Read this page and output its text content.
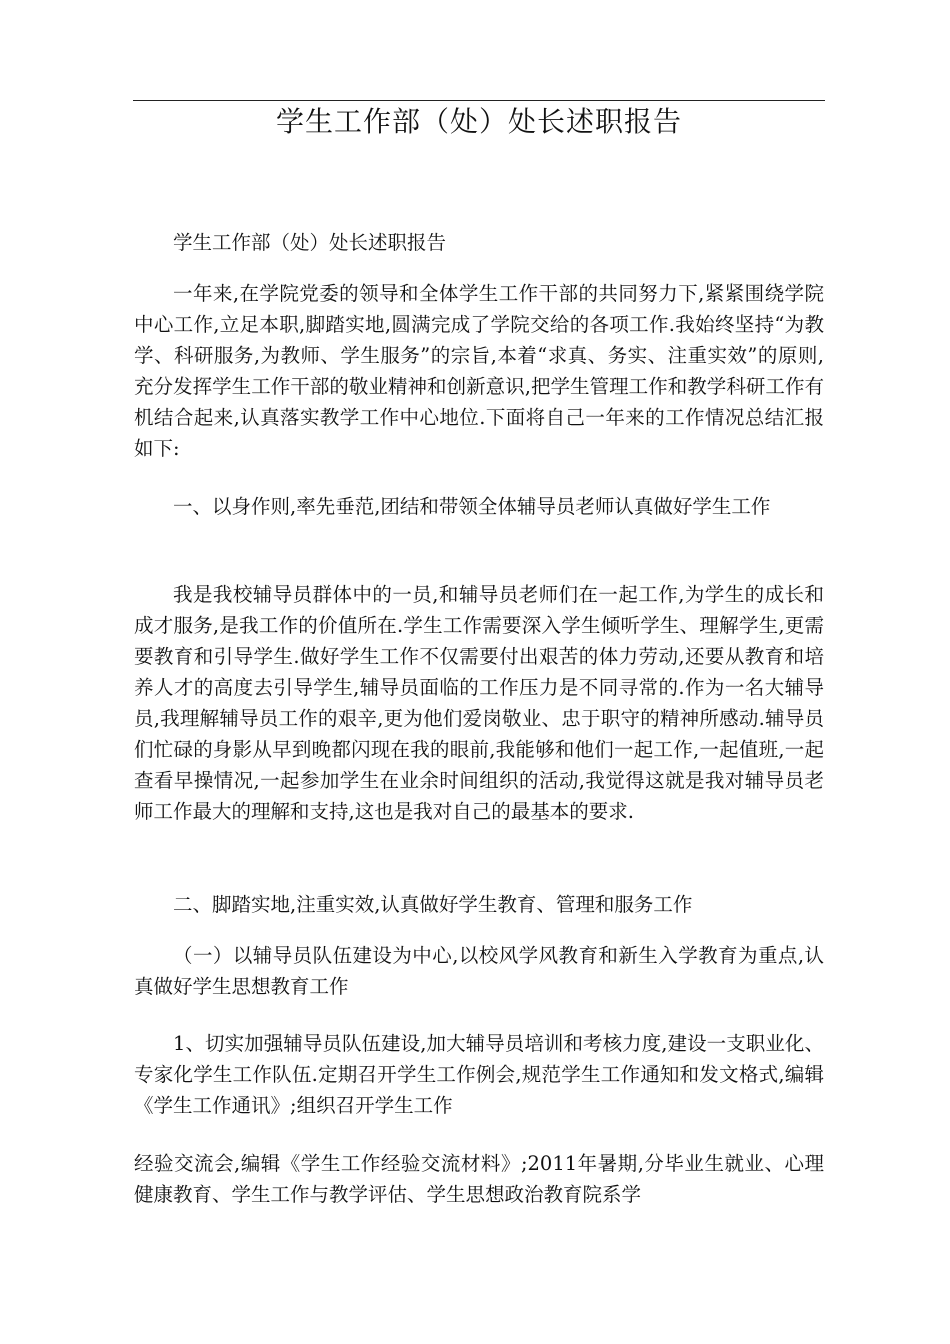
学生工作部（处）处长述职报告

学生工作部（处）处长述职报告

一年来,在学院党委的领导和全体学生工作干部的共同努力下,紧紧围绕学院中心工作,立足本职,脚踏实地,圆满完成了学院交给的各项工作.我始终坚持“为教学、科研服务,为教师、学生服务”的宗旨,本着“求真、务实、注重实效”的原则,充分发挥学生工作干部的敬业精神和创新意识,把学生管理工作和教学科研工作有机结合起来,认真落实教学工作中心地位.下面将自己一年来的工作情况总结汇报如下:

一、以身作则,率先垂范,团结和带领全体辅导员老师认真做好学生工作

我是我校辅导员群体中的一员,和辅导员老师们在一起工作,为学生的成长和成才服务,是我工作的价值所在.学生工作需要深入学生倾听学生、理解学生,更需要教育和引导学生.做好学生工作不仅需要付出艰苦的体力劳动,还要从教育和培养人才的高度去引导学生,辅导员面临的工作压力是不同寻常的.作为一名大辅导员,我理解辅导员工作的艰辛,更为他们爱岗敬业、忠于职守的精神所感动.辅导员们忙碌的身影从早到晚都闪现在我的眼前,我能够和他们一起工作,一起值班,一起查看早操情况,一起参加学生在业余时间组织的活动,我觉得这就是我对辅导员老师工作最大的理解和支持,这也是我对自己的最基本的要求.

二、脚踏实地,注重实效,认真做好学生教育、管理和服务工作

（一）以辅导员队伍建设为中心,以校风学风教育和新生入学教育为重点,认真做好学生思想教育工作

1、切实加强辅导员队伍建设,加大辅导员培训和考核力度,建设一支职业化、专家化学生工作队伍.定期召开学生工作例会,规范学生工作通知和发文格式,编辑《学生工作通讯》;组织召开学生工作

经验交流会,编辑《学生工作经验交流材料》;2011年暑期,分毕业生就业、心理健康教育、学生工作与教学评估、学生思想政治教育院系学
